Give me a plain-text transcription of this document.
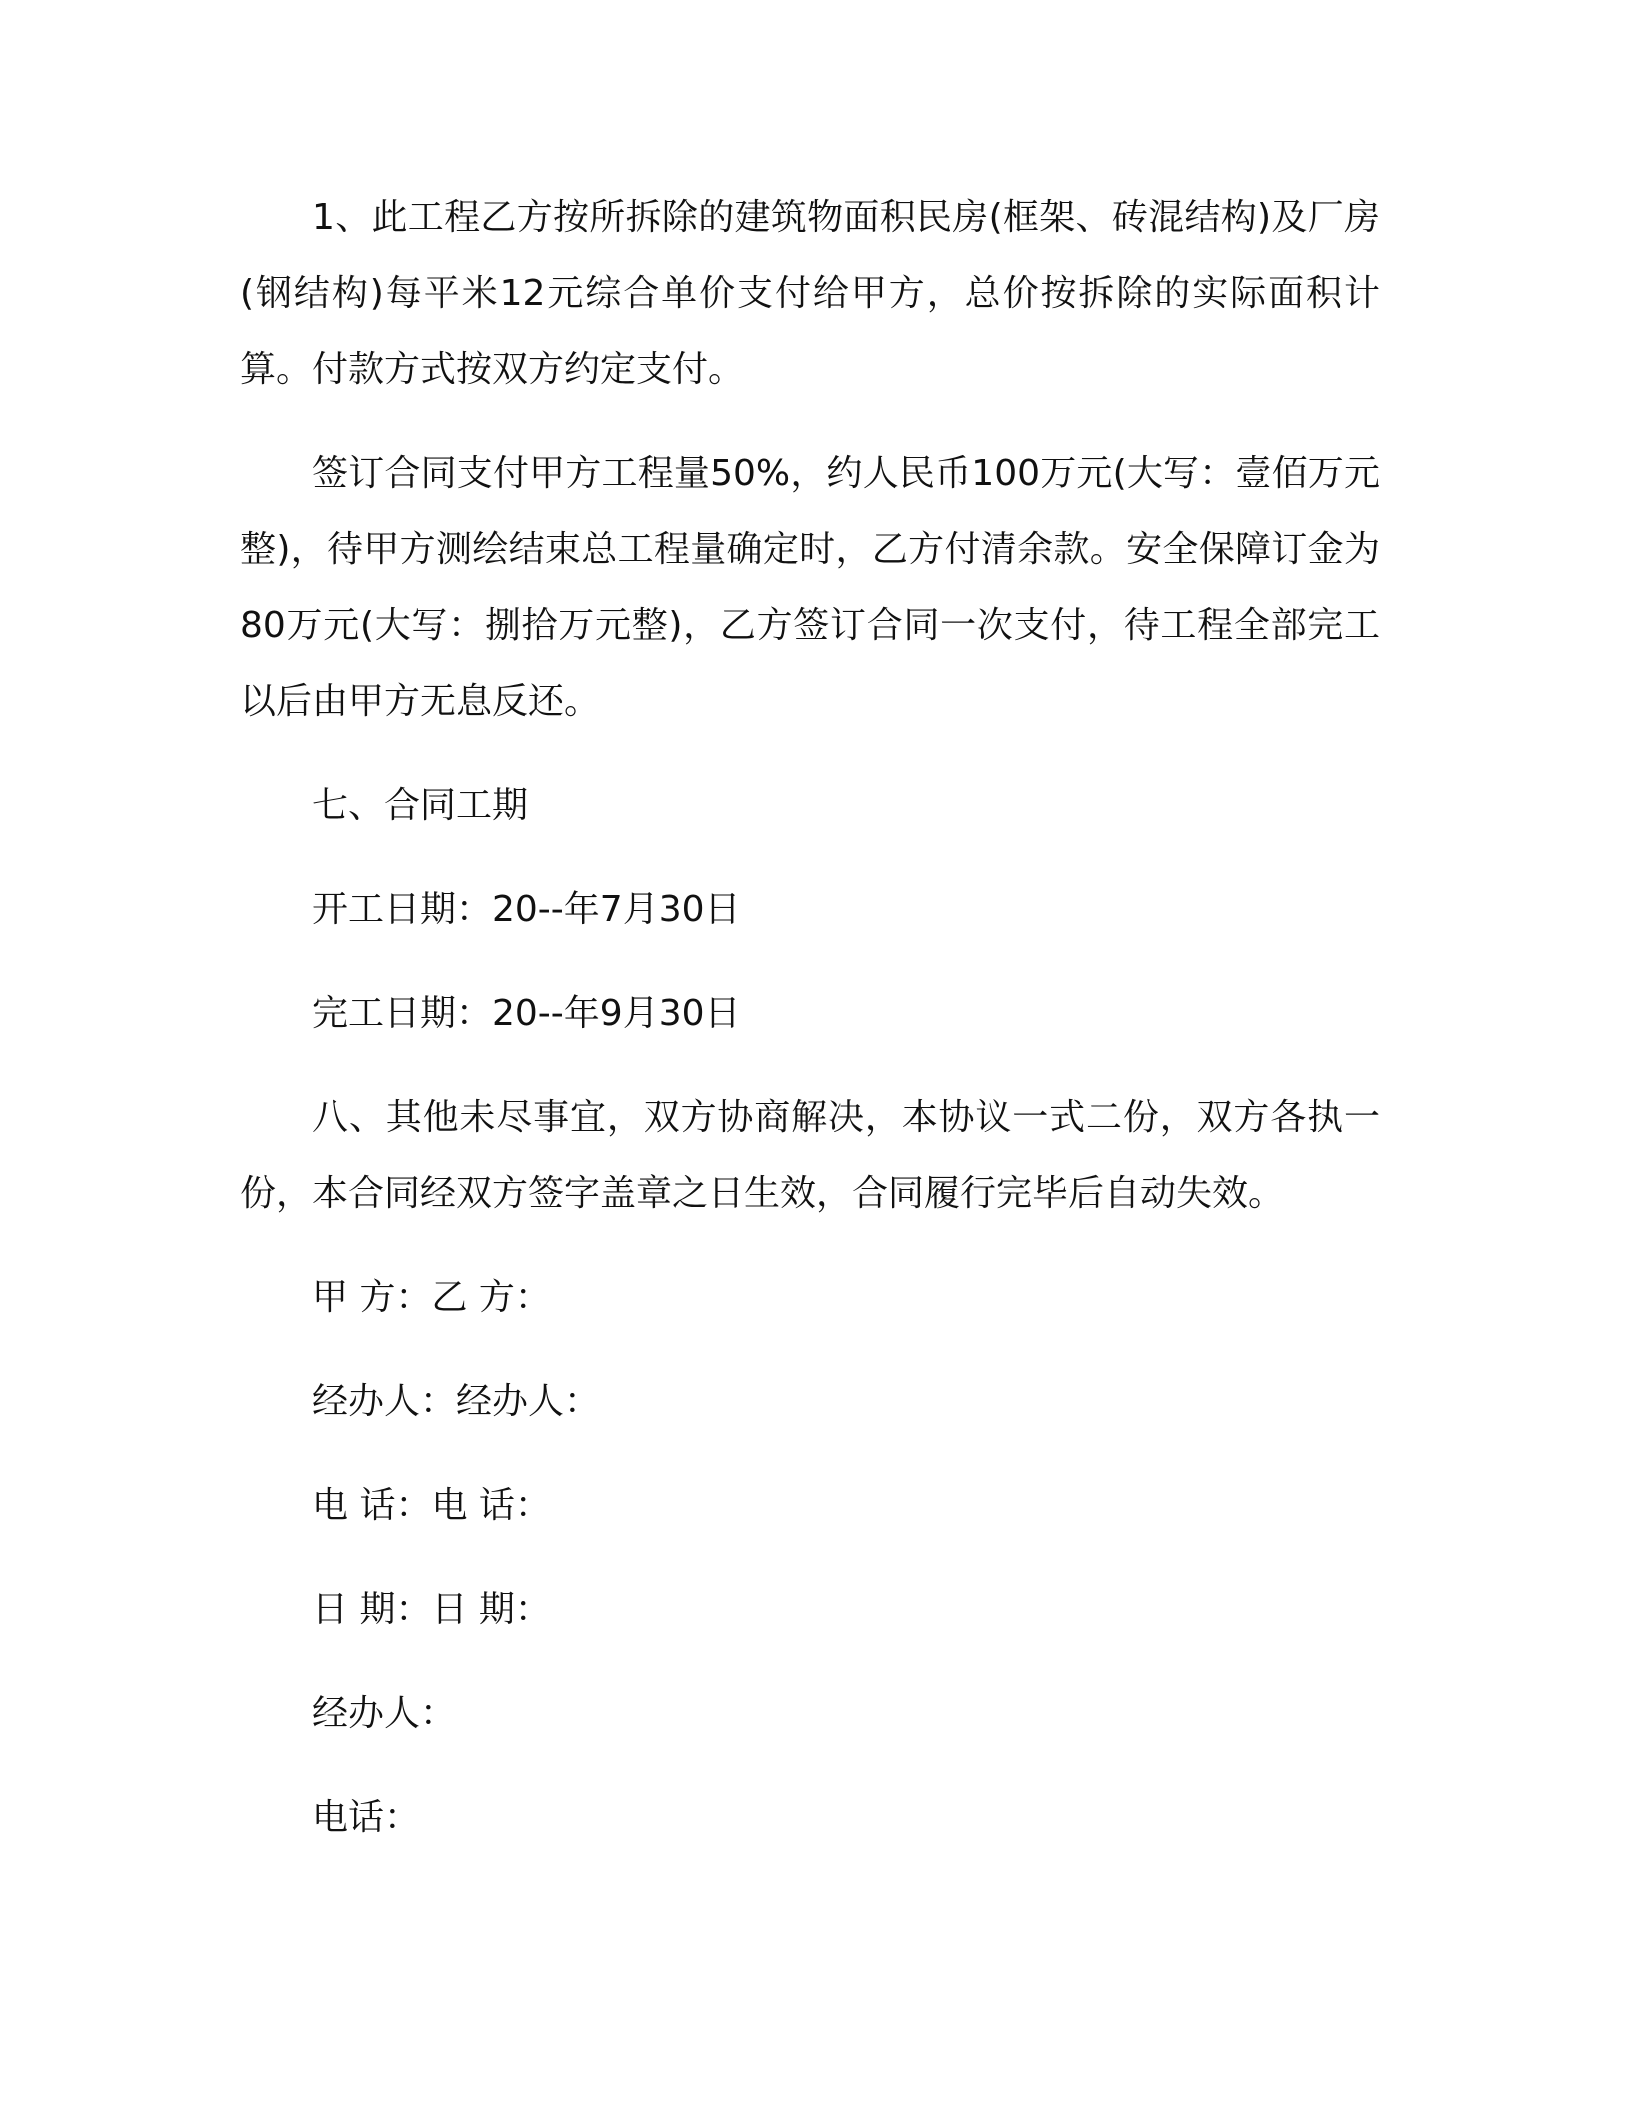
1、此工程乙方按所拆除的建筑物面积民房(框架、砖混结构)及厂房(钢结构)每平米12元综合单价支付给甲方，总价按拆除的实际面积计算。付款方式按双方约定支付。

签订合同支付甲方工程量50%，约人民币100万元(大写：壹佰万元整)，待甲方测绘结束总工程量确定时，乙方付清余款。安全保障订金为80万元(大写：捌拾万元整)，乙方签订合同一次支付，待工程全部完工以后由甲方无息反还。

七、合同工期

开工日期：20--年7月30日

完工日期：20--年9月30日

八、其他未尽事宜，双方协商解决，本协议一式二份，双方各执一份，本合同经双方签字盖章之日生效，合同履行完毕后自动失效。

甲 方：乙 方：

经办人：经办人：

电 话：电 话：

日 期：日 期：

经办人：

电话：
